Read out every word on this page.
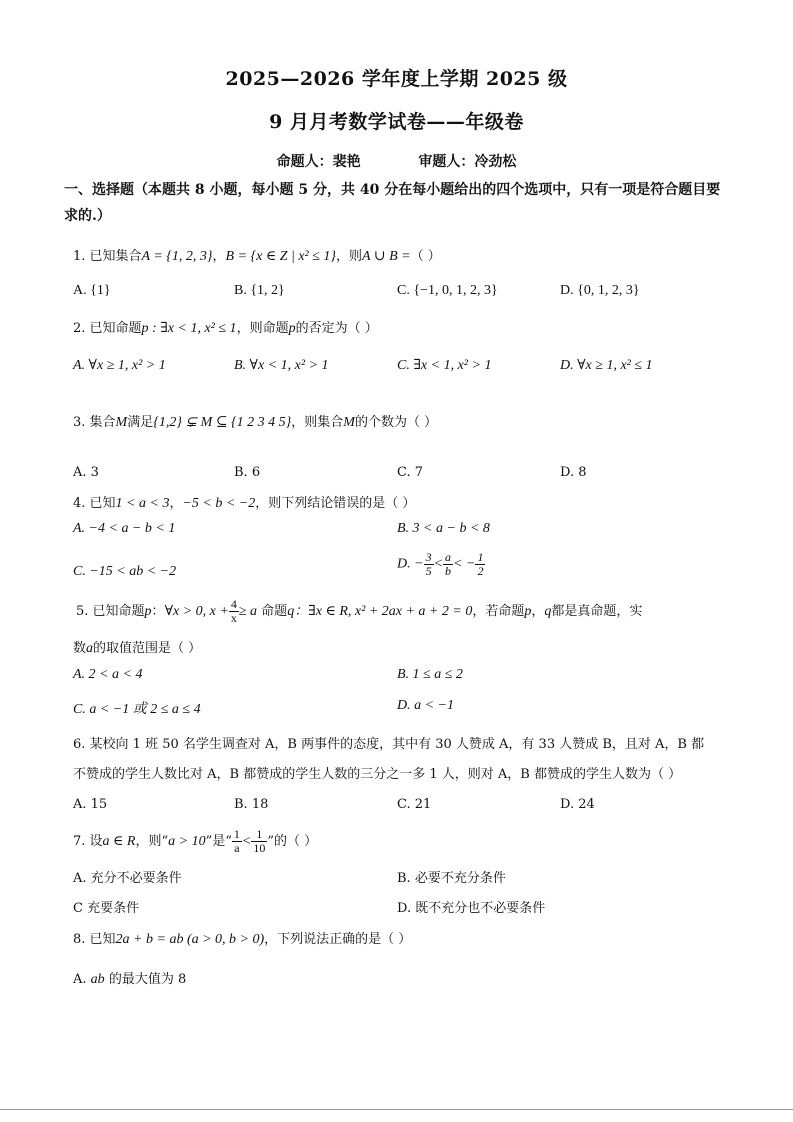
2025—2026 学年度上学期 2025 级
9 月月考数学试卷——年级卷
命题人：裴艳	审题人：冷劲松
一、选择题（本题共 8 小题，每小题 5 分，共 40 分在每小题给出的四个选项中，只有一项是符合题目要求的.）
1. 已知集合A = {1, 2, 3}，B = {x ∈ Z | x² ≤ 1}，则A ∪ B =（ ）
A. {1}	B. {1, 2}	C. {−1, 0, 1, 2, 3}	D. {0, 1, 2, 3}
2. 已知命题p : ∃x < 1, x² ≤ 1，则命题p的否定为（ ）
A. ∀x ≥ 1, x² > 1	B. ∀x < 1, x² > 1	C. ∃x < 1, x² > 1	D. ∀x ≥ 1, x² ≤ 1
3. 集合M满足{1,2} ⊊ M ⊆ {1 2 3 4 5}，则集合M的个数为（ ）
A. 3	B. 6	C. 7	D. 8
4. 已知1 < a < 3，−5 < b < −2，则下列结论错误的是（ ）
A. −4 < a − b < 1	B. 3 < a − b < 8
C. −15 < ab < −2	D. − $\frac{3}{5} < \frac{a}{b}$ < − $\frac{1}{2}$
5. 已知命题p：∀x > 0, $x + \frac{4}{x} \ge a$ 命题q：∃x ∈ R, x² + 2ax + a + 2 = 0，若命题p，q都是真命题，实
数a的取值范围是（ ）
A. 2 < a < 4	B. 1 ≤ a ≤ 2
C. a < −1 或 2 ≤ a ≤ 4	D. a < −1
6. 某校向 1 班 50 名学生调查对 A，B 两事件的态度，其中有 30 人赞成 A，有 33 人赞成 B，且对 A，B 都
不赞成的学生人数比对 A，B 都赞成的学生人数的三分之一多 1 人，则对 A，B 都赞成的学生人数为（ ）
A. 15	B. 18	C. 21	D. 24
7. 设a ∈ R，则“a > 10”是“ $\frac{1}{a} < \frac{1}{10}$ ”的（ ）
A. 充分不必要条件	B. 必要不充分条件
C 充要条件	D. 既不充分也不必要条件
8. 已知2a + b = ab (a > 0, b > 0)，下列说法正确的是（ ）
A. ab 的最大值为 8
